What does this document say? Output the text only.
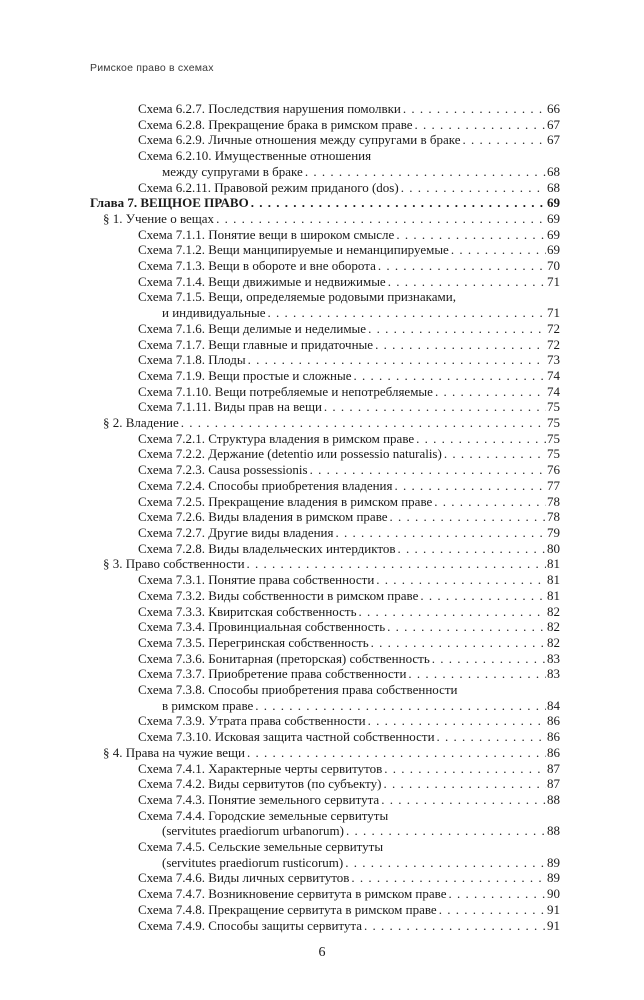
Римское право в схемах
Схема 6.2.7. Последствия нарушения помолвки . . .	66
Схема 6.2.8. Прекращение брака в римском праве . . .	67
Схема 6.2.9. Личные отношения между супругами в браке . . .	67
Схема 6.2.10. Имущественные отношения
между супругами в браке . . .	68
Схема 6.2.11. Правовой режим приданого (dos) . . .	68
Глава 7. ВЕЩНОЕ ПРАВО . . .	69
§ 1. Учение о вещах . . .	69
Схема 7.1.1. Понятие вещи в широком смысле . . .	69
Схема 7.1.2. Вещи манципируемые и неманципируемые . . .	69
Схема 7.1.3. Вещи в обороте и вне оборота . . .	70
Схема 7.1.4. Вещи движимые и недвижимые . . .	71
Схема 7.1.5. Вещи, определяемые родовыми признаками,
и индивидуальные . . .	71
Схема 7.1.6. Вещи делимые и неделимые . . .	72
Схема 7.1.7. Вещи главные и придаточные . . .	72
Схема 7.1.8. Плоды . . .	73
Схема 7.1.9. Вещи простые и сложные . . .	74
Схема 7.1.10. Вещи потребляемые и непотребляемые . . .	74
Схема 7.1.11. Виды прав на вещи . . .	75
§ 2. Владение . . .	75
Схема 7.2.1. Структура владения в римском праве . . .	75
Схема 7.2.2. Держание (detentio или possessio naturalis) . . .	75
Схема 7.2.3. Causa possessionis . . .	76
Схема 7.2.4. Способы приобретения владения . . .	77
Схема 7.2.5. Прекращение владения в римском праве . . .	78
Схема 7.2.6. Виды владения в римском праве . . .	78
Схема 7.2.7. Другие виды владения . . .	79
Схема 7.2.8. Виды владельческих интердиктов . . .	80
§ 3. Право собственности . . .	81
Схема 7.3.1. Понятие права собственности . . .	81
Схема 7.3.2. Виды собственности в римском праве . . .	81
Схема 7.3.3. Квиритская собственность . . .	82
Схема 7.3.4. Провинциальная собственность . . .	82
Схема 7.3.5. Перегринская собственность . . .	82
Схема 7.3.6. Бонитарная (преторская) собственность . . .	83
Схема 7.3.7. Приобретение права собственности . . .	83
Схема 7.3.8. Способы приобретения права собственности
в римском праве . . .	84
Схема 7.3.9. Утрата права собственности . . .	86
Схема 7.3.10. Исковая защита частной собственности . . .	86
§ 4. Права на чужие вещи . . .	86
Схема 7.4.1. Характерные черты сервитутов . . .	87
Схема 7.4.2. Виды сервитутов (по субъекту) . . .	87
Схема 7.4.3. Понятие земельного сервитута . . .	88
Схема 7.4.4. Городские земельные сервитуты
(servitutes praediorum urbanorum) . . .	88
Схема 7.4.5. Сельские земельные сервитуты
(servitutes praediorum rusticorum) . . .	89
Схема 7.4.6. Виды личных сервитутов . . .	89
Схема 7.4.7. Возникновение сервитута в римском праве . . .	90
Схема 7.4.8. Прекращение сервитута в римском праве . . .	91
Схема 7.4.9. Способы защиты сервитута . . .	91
6
